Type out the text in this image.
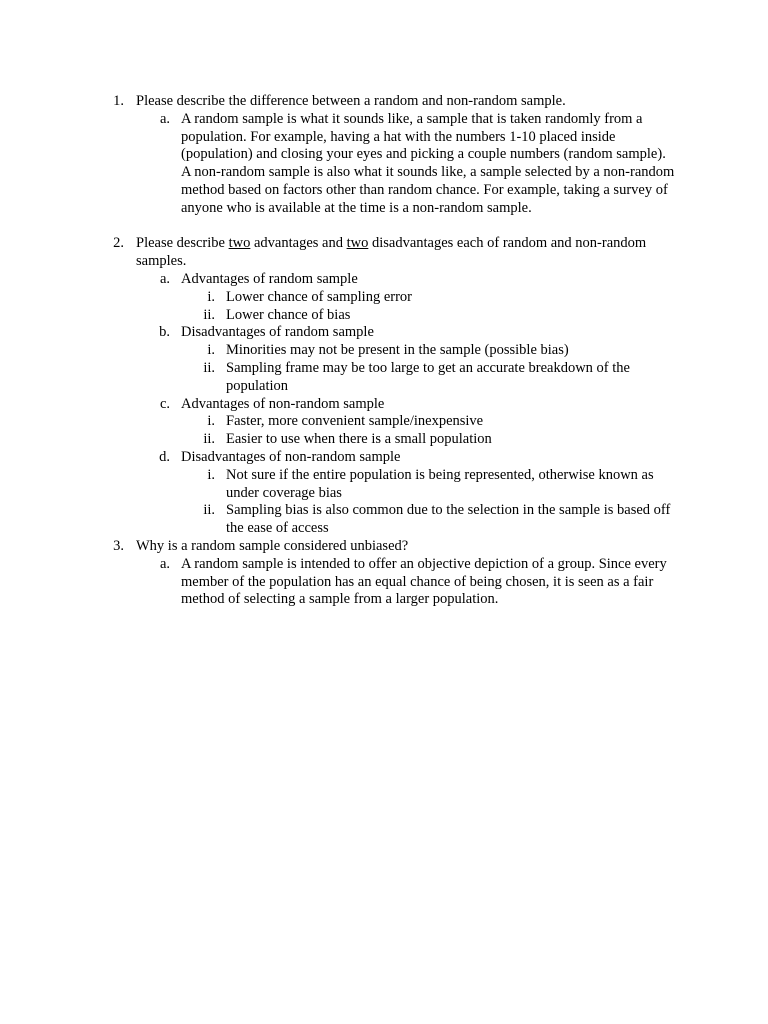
1. Please describe the difference between a random and non-random sample.
a. A random sample is what it sounds like, a sample that is taken randomly from a population. For example, having a hat with the numbers 1-10 placed inside (population) and closing your eyes and picking a couple numbers (random sample). A non-random sample is also what it sounds like, a sample selected by a non-random method based on factors other than random chance. For example, taking a survey of anyone who is available at the time is a non-random sample.
2. Please describe two advantages and two disadvantages each of random and non-random samples.
a. Advantages of random sample
i. Lower chance of sampling error
ii. Lower chance of bias
b. Disadvantages of random sample
i. Minorities may not be present in the sample (possible bias)
ii. Sampling frame may be too large to get an accurate breakdown of the population
c. Advantages of non-random sample
i. Faster, more convenient sample/inexpensive
ii. Easier to use when there is a small population
d. Disadvantages of non-random sample
i. Not sure if the entire population is being represented, otherwise known as under coverage bias
ii. Sampling bias is also common due to the selection in the sample is based off the ease of access
3. Why is a random sample considered unbiased?
a. A random sample is intended to offer an objective depiction of a group. Since every member of the population has an equal chance of being chosen, it is seen as a fair method of selecting a sample from a larger population.
